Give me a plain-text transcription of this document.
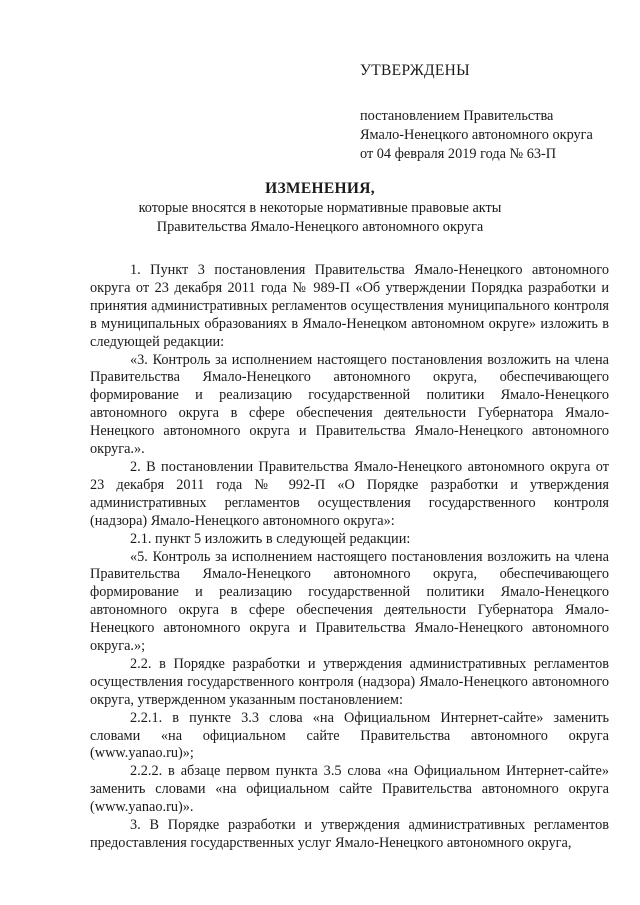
УТВЕРЖДЕНЫ
постановлением Правительства
Ямало-Ненецкого автономного округа
от 04 февраля 2019 года № 63-П
ИЗМЕНЕНИЯ,
которые вносятся в некоторые нормативные правовые акты
Правительства Ямало-Ненецкого автономного округа

1. Пункт 3 постановления Правительства Ямало-Ненецкого автономного округа от 23 декабря 2011 года № 989-П «Об утверждении Порядка разработки и принятия административных регламентов осуществления муниципального контроля в муниципальных образованиях в Ямало-Ненецком автономном округе» изложить в следующей редакции:

«3. Контроль за исполнением настоящего постановления возложить на члена Правительства Ямало-Ненецкого автономного округа, обеспечивающего формирование и реализацию государственной политики Ямало-Ненецкого автономного округа в сфере обеспечения деятельности Губернатора Ямало-Ненецкого автономного округа и Правительства Ямало-Ненецкого автономного округа.».

2. В постановлении Правительства Ямало-Ненецкого автономного округа от 23 декабря 2011 года № 992-П «О Порядке разработки и утверждения административных регламентов осуществления государственного контроля (надзора) Ямало-Ненецкого автономного округа»:

2.1. пункт 5 изложить в следующей редакции:

«5. Контроль за исполнением настоящего постановления возложить на члена Правительства Ямало-Ненецкого автономного округа, обеспечивающего формирование и реализацию государственной политики Ямало-Ненецкого автономного округа в сфере обеспечения деятельности Губернатора Ямало-Ненецкого автономного округа и Правительства Ямало-Ненецкого автономного округа.»;

2.2. в Порядке разработки и утверждения административных регламентов осуществления государственного контроля (надзора) Ямало-Ненецкого автономного округа, утвержденном указанным постановлением:

2.2.1. в пункте 3.3 слова «на Официальном Интернет-сайте» заменить словами «на официальном сайте Правительства автономного округа (www.yanao.ru)»;

2.2.2. в абзаце первом пункта 3.5 слова «на Официальном Интернет-сайте» заменить словами «на официальном сайте Правительства автономного округа (www.yanao.ru)».

3. В Порядке разработки и утверждения административных регламентов предоставления государственных услуг Ямало-Ненецкого автономного округа,
